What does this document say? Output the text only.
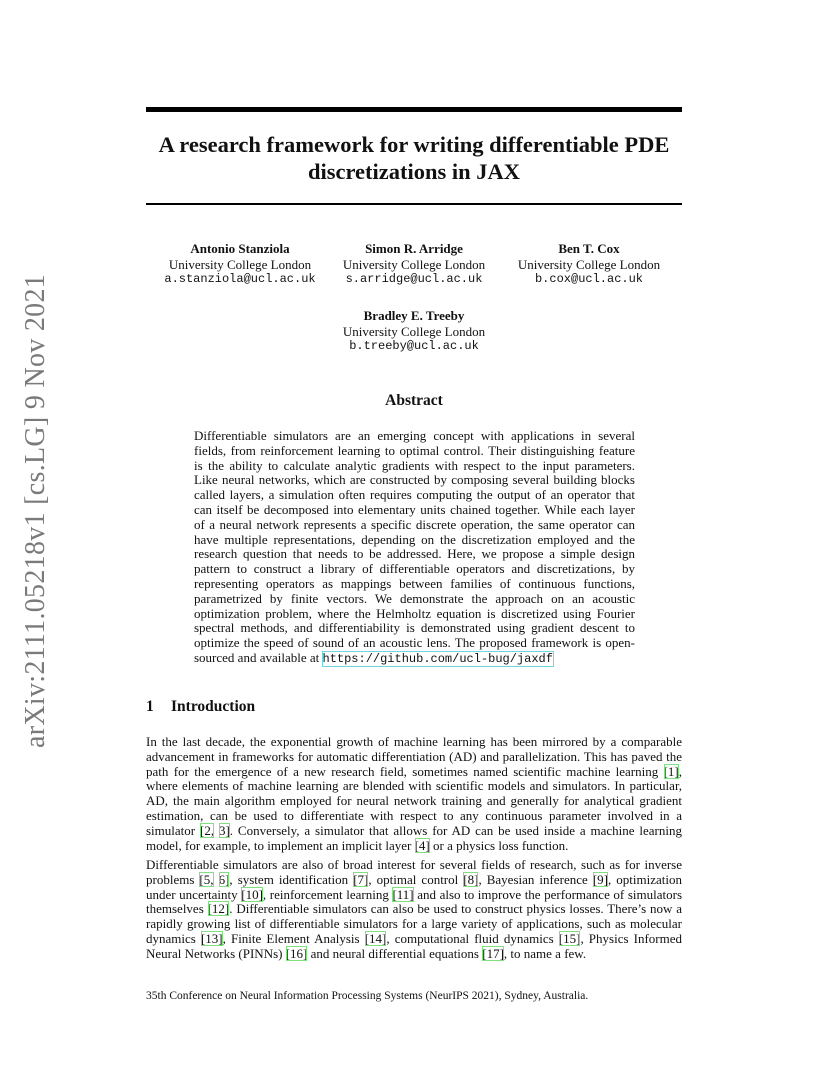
arXiv:2111.05218v1 [cs.LG] 9 Nov 2021
A research framework for writing differentiable PDE discretizations in JAX
Antonio Stanziola
University College London
a.stanziola@ucl.ac.uk
Simon R. Arridge
University College London
s.arridge@ucl.ac.uk
Ben T. Cox
University College London
b.cox@ucl.ac.uk
Bradley E. Treeby
University College London
b.treeby@ucl.ac.uk
Abstract
Differentiable simulators are an emerging concept with applications in several fields, from reinforcement learning to optimal control. Their distinguishing feature is the ability to calculate analytic gradients with respect to the input parameters. Like neural networks, which are constructed by composing several building blocks called layers, a simulation often requires computing the output of an operator that can itself be decomposed into elementary units chained together. While each layer of a neural network represents a specific discrete operation, the same operator can have multiple representations, depending on the discretization employed and the research question that needs to be addressed. Here, we propose a simple design pattern to construct a library of differentiable operators and discretizations, by representing operators as mappings between families of continuous functions, parametrized by finite vectors. We demonstrate the approach on an acoustic optimization problem, where the Helmholtz equation is discretized using Fourier spectral methods, and differentiability is demonstrated using gradient descent to optimize the speed of sound of an acoustic lens. The proposed framework is open-sourced and available at https://github.com/ucl-bug/jaxdf
1 Introduction
In the last decade, the exponential growth of machine learning has been mirrored by a comparable advancement in frameworks for automatic differentiation (AD) and parallelization. This has paved the path for the emergence of a new research field, sometimes named scientific machine learning [1], where elements of machine learning are blended with scientific models and simulators. In particular, AD, the main algorithm employed for neural network training and generally for analytical gradient estimation, can be used to differentiate with respect to any continuous parameter involved in a simulator [2, 3]. Conversely, a simulator that allows for AD can be used inside a machine learning model, for example, to implement an implicit layer [4] or a physics loss function.
Differentiable simulators are also of broad interest for several fields of research, such as for inverse problems [5, 6], system identification [7], optimal control [8], Bayesian inference [9], optimization under uncertainty [10], reinforcement learning [11] and also to improve the performance of simulators themselves [12]. Differentiable simulators can also be used to construct physics losses. There’s now a rapidly growing list of differentiable simulators for a large variety of applications, such as molecular dynamics [13], Finite Element Analysis [14], computational fluid dynamics [15], Physics Informed Neural Networks (PINNs) [16] and neural differential equations [17], to name a few.
35th Conference on Neural Information Processing Systems (NeurIPS 2021), Sydney, Australia.
